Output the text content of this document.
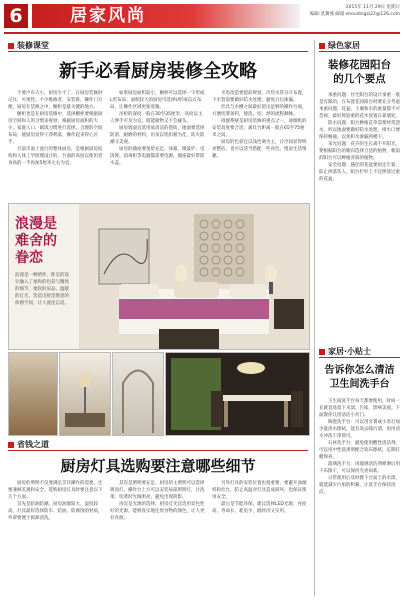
6	居家风尚	2015年 11月 29日 星期日
编辑:莫翼燕 邮箱:shoudingzi22@126.com
装修课堂
新手必看厨房装修全攻略

不要卢布大小，厨房少不了。在厨房装修时记住，可视性、不少维修者，安装排、操作门方便，厨房在装修之中，橱柜是最关键的地方。

橱柜也是在厨房装修中，选择橱柜要根据厨房空间和人的习惯来规划，根据厨房面积的大小、家庭人口、做饭习惯进行选择。合理的空间布局，使厨房显得干净利落，操作起来得心应手。

目前市面上流行的整体厨房，是根据厨房结构和人体工学原理设计的，台面的高度以使用者身高的一半再加5厘米左右为宜。

如果厨房面积较小，橱柜可以选择一字形或L形布局；面积较大的厨房可选择U形或岛式布局，让操作区域更加宽敞。

吊柜的深度一般在30至35厘米，高度以主人伸手可及为宜，既能储物又不会碰头。

厨房墙面宜选用易清洁的瓷砖，地面要选择防滑、耐磨的材料，吊顶以铝扣板为佳，防火防潮又美观。

厨房的插座要预留充足，冰箱、微波炉、电饭煲、消毒柜等电器都需要电源，插座最好带防水盖。

水电改造要提前规划，冷热水管分开布置，下水管道要做好防水处理，避免日后渗漏。

灶具与水槽之间最好留出足够的操作台面，方便切菜备料，使洗、切、炒的流程顺畅。

排烟系统是厨房装修的重点之一，油烟机的安装高度要合适，离灶台距离一般在65至75厘米之间。

厨房的色彩宜以浅色调为主，让空间显得明亮整洁，也可以适当搭配一些亮色，增添生活情趣。

浪漫是
难舍的
眷恋
浪漫是一种情怀，卧室的设计融入了柔和的色彩与精致的细节，柔软的床品、温暖的灯光，营造出舒适惬意的休憩空间，让人流连忘返。
省钱之道
厨房灯具选购要注意哪些细节

厨房的照明不仅要满足烹饪操作的需要，还要兼顾美观和安全。选购厨房灯具时要注意以下几个方面。

首先是防油防潮。厨房油烟较大，湿度较高，灯具最好选择防水、防油、防腐蚀的材质，外罩要便于拆卸清洗。

其次是照明要充足。厨房的主照明可以选择吸顶灯，操作台上方可以安装局部照明灯，让洗菜、切菜时光线明亮，避免出现阴影。

再次是光源的选择。厨房灯光宜选用显色性好的光源，能够真实地还原食物的颜色，让人更有食欲。

另外灯具的安装位置也很重要，要避开油烟机和灶台，防止高温对灯具造成损坏，也保证使用安全。

最后是节能环保。建议选择LED光源，亮度高、寿命长、耗电少，既经济又实用。

绿色家居
装修花园阳台
的几个要点

承重问题：住宅阳台的设计承重一般是有限的，在布置花园阳台时要充分考虑承重问题，花盆、土壤和水的重量都不可忽视，最好将较重的花木放置在靠墙处。

防水问题：阳台种植花草需要经常浇水，所以地面要做好防水处理，排水口要保持畅通，以免积水渗漏到楼下。

采光问题：花卉的生长离不开阳光，要根据阳台的朝向选择合适的植物，朝南的阳台可以种植喜阳的植物。

安全问题：悬挂的花盆要固定牢靠，防止掉落伤人，阳台栏杆上不宜摆放过重的花盆。

家居·小贴士
告诉你怎么清洁
卫生间洗手台

卫生间洗手台每天都要使用，时间一长就容易留下水渍、污垢，影响美观。下面教你几招清洁小窍门。

陶瓷洗手台：可以用牙膏或小苏打加少量清水擦拭，能有效去除污渍，再用清水冲洗干净即可。

石材洗手台：避免使用酸性清洁剂，可以用中性洗涤剂配合软布擦拭，定期打蜡保养。

玻璃洗手台：用玻璃清洁剂喷洒后用干布擦干，可以保持光亮如新。

日常使用后及时擦干台面上的水渍，就能减少污垢的积累，让洗手台保持清洁。
